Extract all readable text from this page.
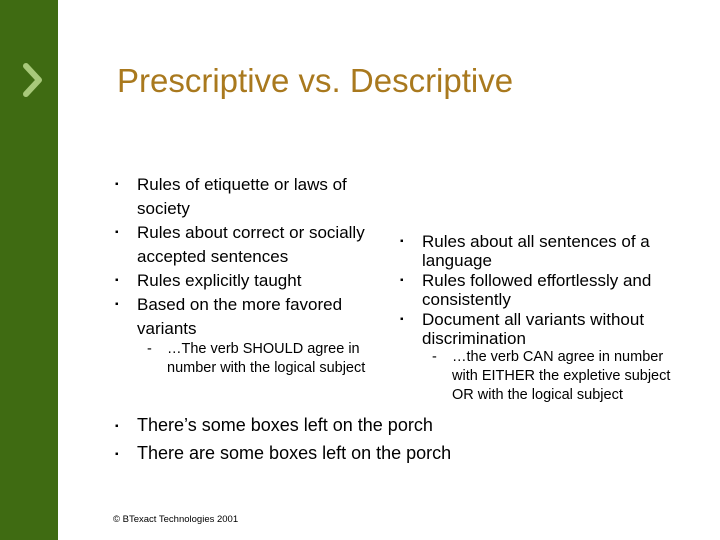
Prescriptive vs. Descriptive
▪ Rules of etiquette or laws of society
▪ Rules about correct or socially accepted sentences
▪ Rules explicitly taught
▪ Based on the more favored variants
-	…The verb SHOULD agree in number with the logical subject
▪ Rules about all sentences of a language
▪ Rules followed effortlessly and consistently
▪ Document all variants without discrimination
-	…the verb CAN agree in number with EITHER the expletive subject OR with the logical subject
▪ There’s some boxes left on the porch
▪ There are some boxes left on the porch
© BTexact Technologies 2001
